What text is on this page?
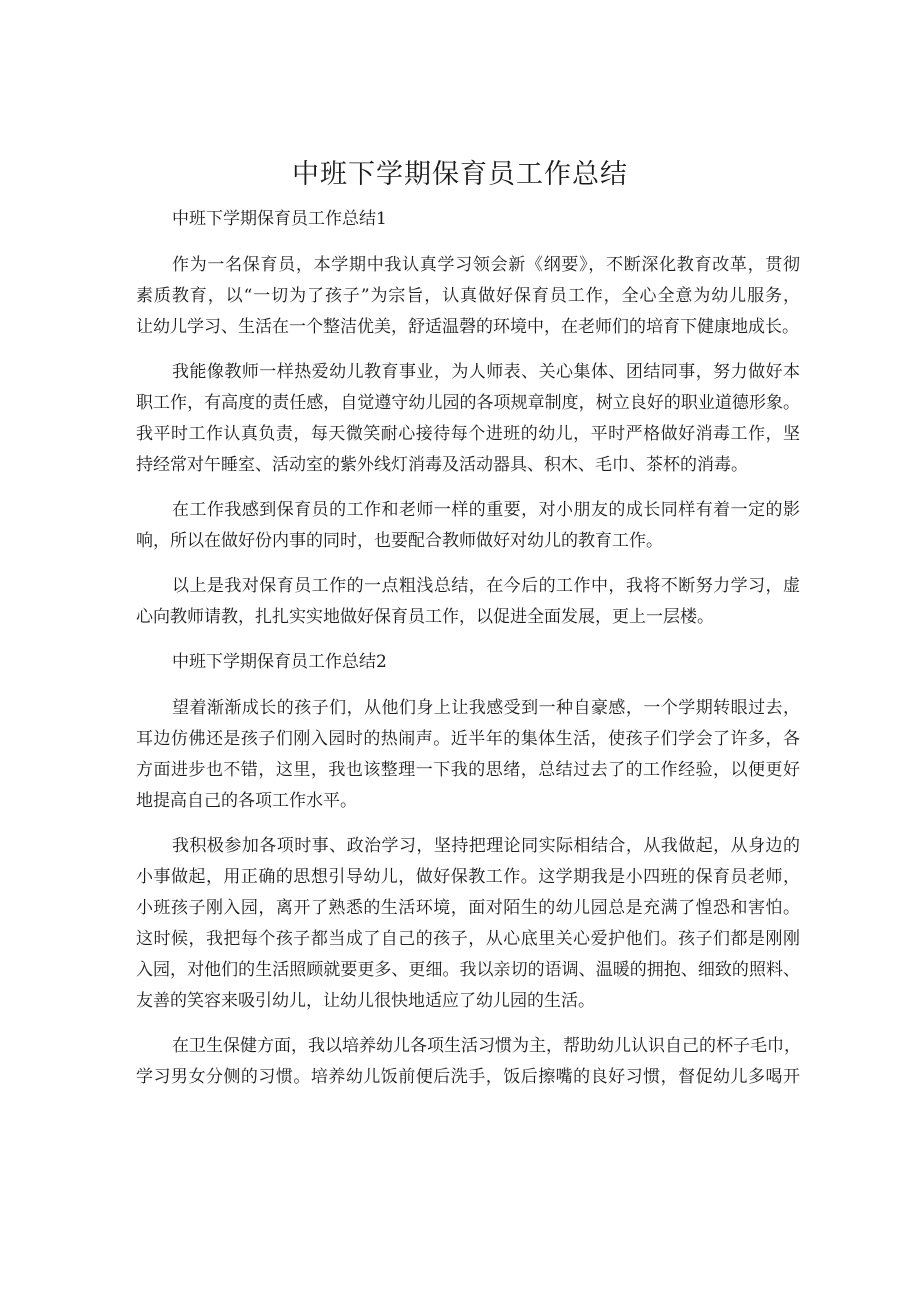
中班下学期保育员工作总结
中班下学期保育员工作总结1
作为一名保育员，本学期中我认真学习领会新《纲要》，不断深化教育改革，贯彻
素质教育，以“一切为了孩子”为宗旨，认真做好保育员工作，全心全意为幼儿服务，
让幼儿学习、生活在一个整洁优美，舒适温磬的环境中，在老师们的培育下健康地成长。
我能像教师一样热爱幼儿教育事业，为人师表、关心集体、团结同事，努力做好本
职工作，有高度的责任感，自觉遵守幼儿园的各项规章制度，树立良好的职业道德形象。
我平时工作认真负责，每天微笑耐心接待每个进班的幼儿，平时严格做好消毒工作，坚
持经常对午睡室、活动室的紫外线灯消毒及活动器具、积木、毛巾、茶杯的消毒。
在工作我感到保育员的工作和老师一样的重要，对小朋友的成长同样有着一定的影
响，所以在做好份内事的同时，也要配合教师做好对幼儿的教育工作。
以上是我对保育员工作的一点粗浅总结，在今后的工作中，我将不断努力学习，虚
心向教师请教，扎扎实实地做好保育员工作，以促进全面发展，更上一层楼。
中班下学期保育员工作总结2
望着渐渐成长的孩子们，从他们身上让我感受到一种自豪感，一个学期转眼过去，
耳边仿佛还是孩子们刚入园时的热闹声。近半年的集体生活，使孩子们学会了许多，各
方面进步也不错，这里，我也该整理一下我的思绪，总结过去了的工作经验，以便更好
地提高自己的各项工作水平。
我积极参加各项时事、政治学习，坚持把理论同实际相结合，从我做起，从身边的
小事做起，用正确的思想引导幼儿，做好保教工作。这学期我是小四班的保育员老师，
小班孩子刚入园，离开了熟悉的生活环境，面对陌生的幼儿园总是充满了惶恐和害怕。
这时候，我把每个孩子都当成了自己的孩子，从心底里关心爱护他们。孩子们都是刚刚
入园，对他们的生活照顾就要更多、更细。我以亲切的语调、温暖的拥抱、细致的照料、
友善的笑容来吸引幼儿，让幼儿很快地适应了幼儿园的生活。
在卫生保健方面，我以培养幼儿各项生活习惯为主，帮助幼儿认识自己的杯子毛巾，
学习男女分侧的习惯。培养幼儿饭前便后洗手，饭后擦嘴的良好习惯，督促幼儿多喝开
